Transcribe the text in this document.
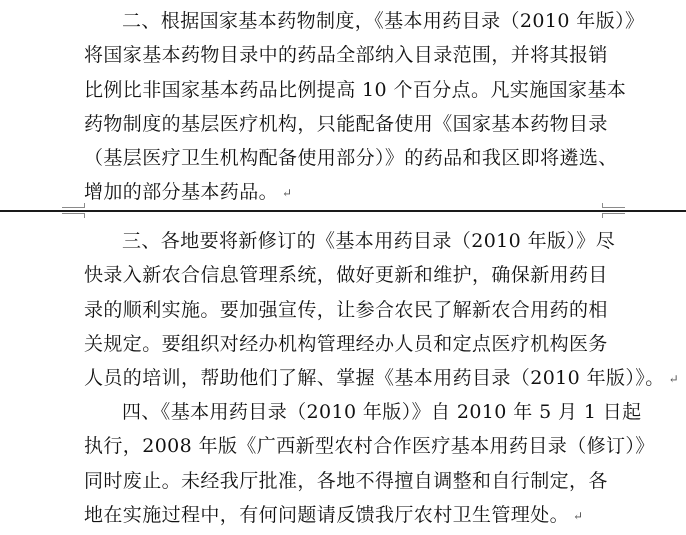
二、根据国家基本药物制度，《基本用药目录（2010 年版）》
将国家基本药物目录中的药品全部纳入目录范围，并将其报销
比例比非国家基本药品比例提高 10 个百分点。凡实施国家基本
药物制度的基层医疗机构，只能配备使用《国家基本药物目录
（基层医疗卫生机构配备使用部分）》的药品和我区即将遴选、
增加的部分基本药品。 ↵
三、各地要将新修订的《基本用药目录（2010 年版）》尽
快录入新农合信息管理系统，做好更新和维护，确保新用药目
录的顺利实施。要加强宣传，让参合农民了解新农合用药的相
关规定。要组织对经办机构管理经办人员和定点医疗机构医务
人员的培训，帮助他们了解、掌握《基本用药目录（2010 年版）》。 ↵
四、《基本用药目录（2010 年版）》自 2010 年 5 月 1 日起
执行，2008 年版《广西新型农村合作医疗基本用药目录（修订）》
同时废止。未经我厅批准，各地不得擅自调整和自行制定，各
地在实施过程中，有何问题请反馈我厅农村卫生管理处。 ↵
